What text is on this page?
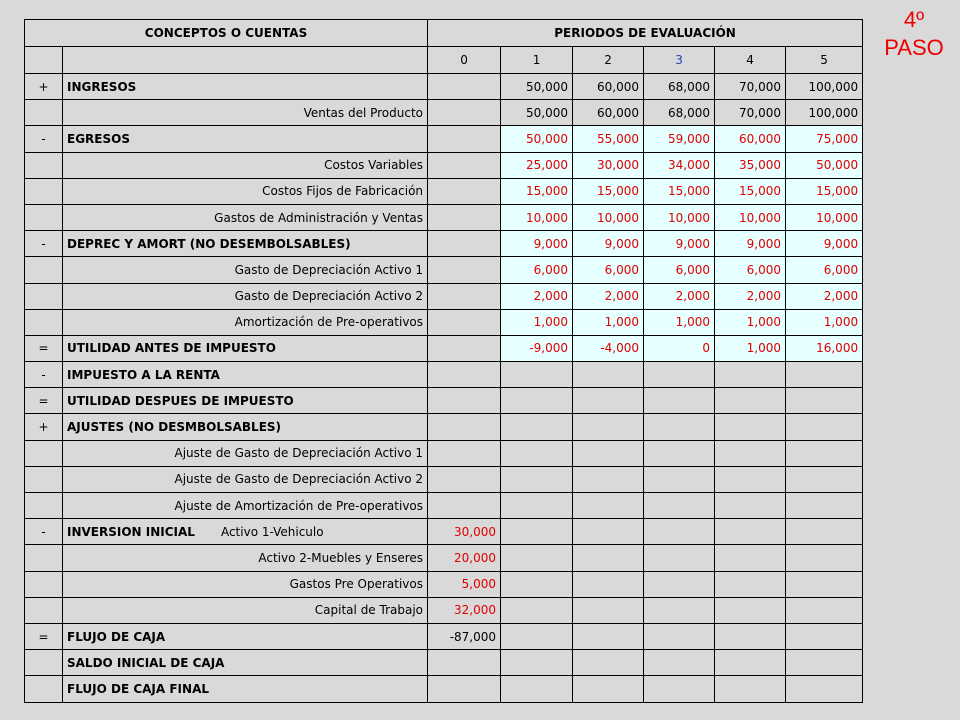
4º
PASO
CONCEPTOS O CUENTAS		PERIODOS DE EVALUACIÓN					
		0	1	2	3	4	5
+	INGRESOS		50,000	60,000	68,000	70,000	100,000
	Ventas del Producto		50,000	60,000	68,000	70,000	100,000
-	EGRESOS		50,000	55,000	59,000	60,000	75,000
	Costos Variables		25,000	30,000	34,000	35,000	50,000
	Costos Fijos de Fabricación		15,000	15,000	15,000	15,000	15,000
	Gastos de Administración y Ventas		10,000	10,000	10,000	10,000	10,000
-	DEPREC Y AMORT (NO DESEMBOLSABLES)		9,000	9,000	9,000	9,000	9,000
	Gasto de Depreciación Activo 1		6,000	6,000	6,000	6,000	6,000
	Gasto de Depreciación Activo 2		2,000	2,000	2,000	2,000	2,000
	Amortización de Pre-operativos		1,000	1,000	1,000	1,000	1,000
=	UTILIDAD ANTES DE IMPUESTO		-9,000	-4,000	0	1,000	16,000
-	IMPUESTO A LA RENTA						
=	UTILIDAD DESPUES DE IMPUESTO						
+	AJUSTES (NO DESMBOLSABLES)						
	Ajuste de Gasto de Depreciación Activo 1						
	Ajuste de Gasto de Depreciación Activo 2						
	Ajuste de Amortización de Pre-operativos						
-	INVERSION INICIAL Activo 1-Vehiculo	30,000					
	Activo 2-Muebles y Enseres	20,000					
	Gastos Pre Operativos	5,000					
	Capital de Trabajo	32,000					
=	FLUJO DE CAJA	-87,000					
	SALDO INICIAL DE CAJA						
	FLUJO DE CAJA FINAL						
